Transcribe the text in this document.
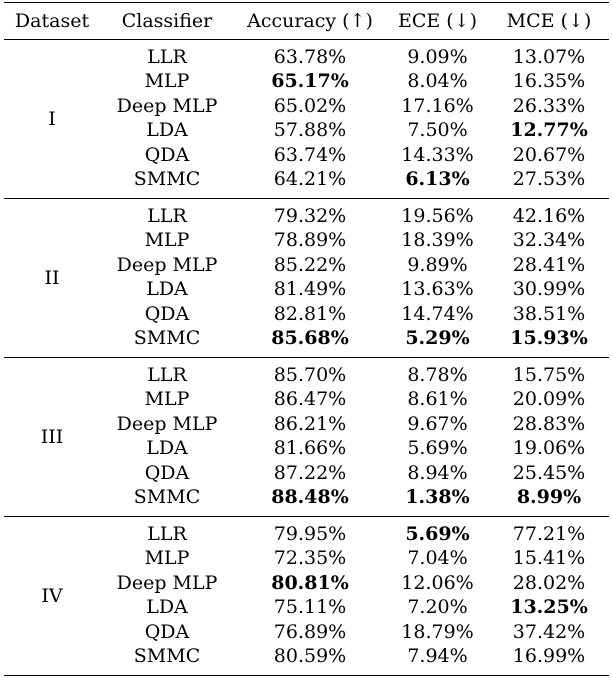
Dataset	Classifier	Accuracy (↑)	ECE (↓)	MCE (↓)
I
LLR	63.78%	9.09%	13.07%
MLP	65.17%	8.04%	16.35%
Deep MLP	65.02%	17.16%	26.33%
LDA	57.88%	7.50%	12.77%
QDA	63.74%	14.33%	20.67%
SMMC	64.21%	6.13%	27.53%
II
LLR	79.32%	19.56%	42.16%
MLP	78.89%	18.39%	32.34%
Deep MLP	85.22%	9.89%	28.41%
LDA	81.49%	13.63%	30.99%
QDA	82.81%	14.74%	38.51%
SMMC	85.68%	5.29%	15.93%
III
LLR	85.70%	8.78%	15.75%
MLP	86.47%	8.61%	20.09%
Deep MLP	86.21%	9.67%	28.83%
LDA	81.66%	5.69%	19.06%
QDA	87.22%	8.94%	25.45%
SMMC	88.48%	1.38%	8.99%
IV
LLR	79.95%	5.69%	77.21%
MLP	72.35%	7.04%	15.41%
Deep MLP	80.81%	12.06%	28.02%
LDA	75.11%	7.20%	13.25%
QDA	76.89%	18.79%	37.42%
SMMC	80.59%	7.94%	16.99%
